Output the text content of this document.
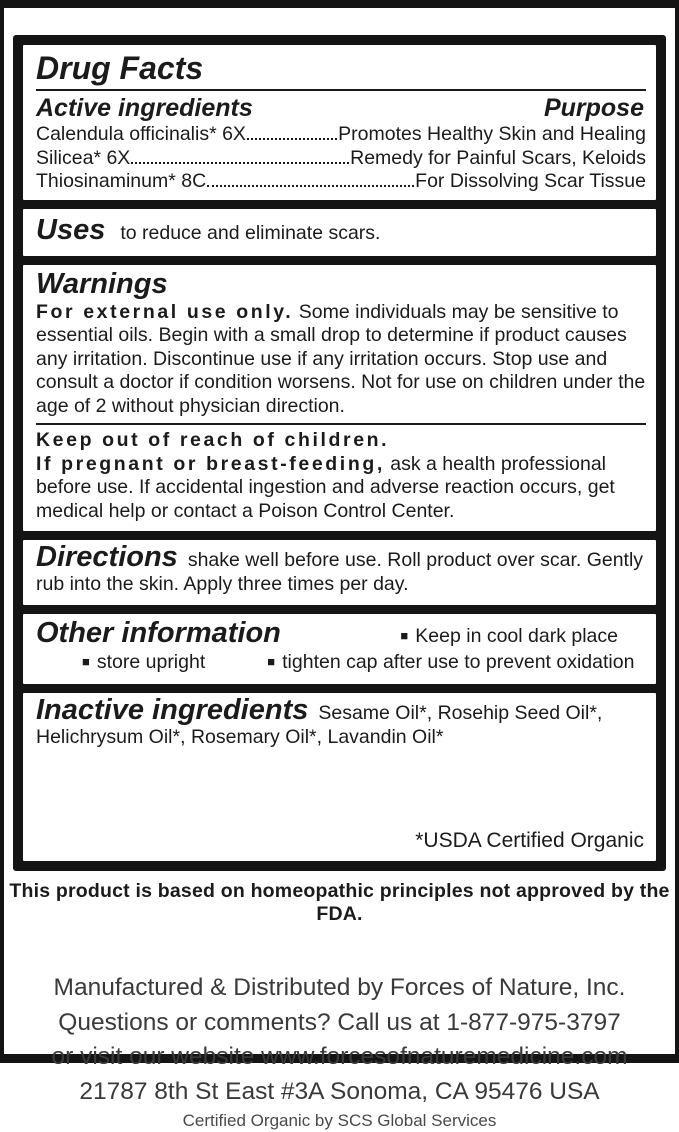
Drug Facts
Active ingredients	Purpose
Calendula officinalis* 6X	Promotes Healthy Skin and Healing
Silicea* 6X	Remedy for Painful Scars, Keloids
Thiosinaminum* 8C	For Dissolving Scar Tissue
Uses to reduce and eliminate scars.
Warnings

For external use only. Some individuals may be sensitive to essential oils. Begin with a small drop to determine if product causes any irritation. Discontinue use if any irritation occurs. Stop use and consult a doctor if condition worsens. Not for use on children under the age of 2 without physician direction.

Keep out of reach of children.

If pregnant or breast-feeding, ask a health professional before use. If accidental ingestion and adverse reaction occurs, get medical help or contact a Poison Control Center.

Directions shake well before use. Roll product over scar. Gently rub into the skin. Apply three times per day.

Other information	■ Keep in cool dark place
■ store upright	■ tighten cap after use to prevent oxidation

Inactive ingredients Sesame Oil*, Rosehip Seed Oil*, Helichrysum Oil*, Rosemary Oil*, Lavandin Oil*

*USDA Certified Organic
This product is based on homeopathic principles not approved by the FDA.
Manufactured & Distributed by Forces of Nature, Inc.
Questions or comments? Call us at 1-877-975-3797
or visit our website www.forcesofnaturemedicine.com
21787 8th St East #3A Sonoma, CA 95476 USA
Certified Organic by SCS Global Services
